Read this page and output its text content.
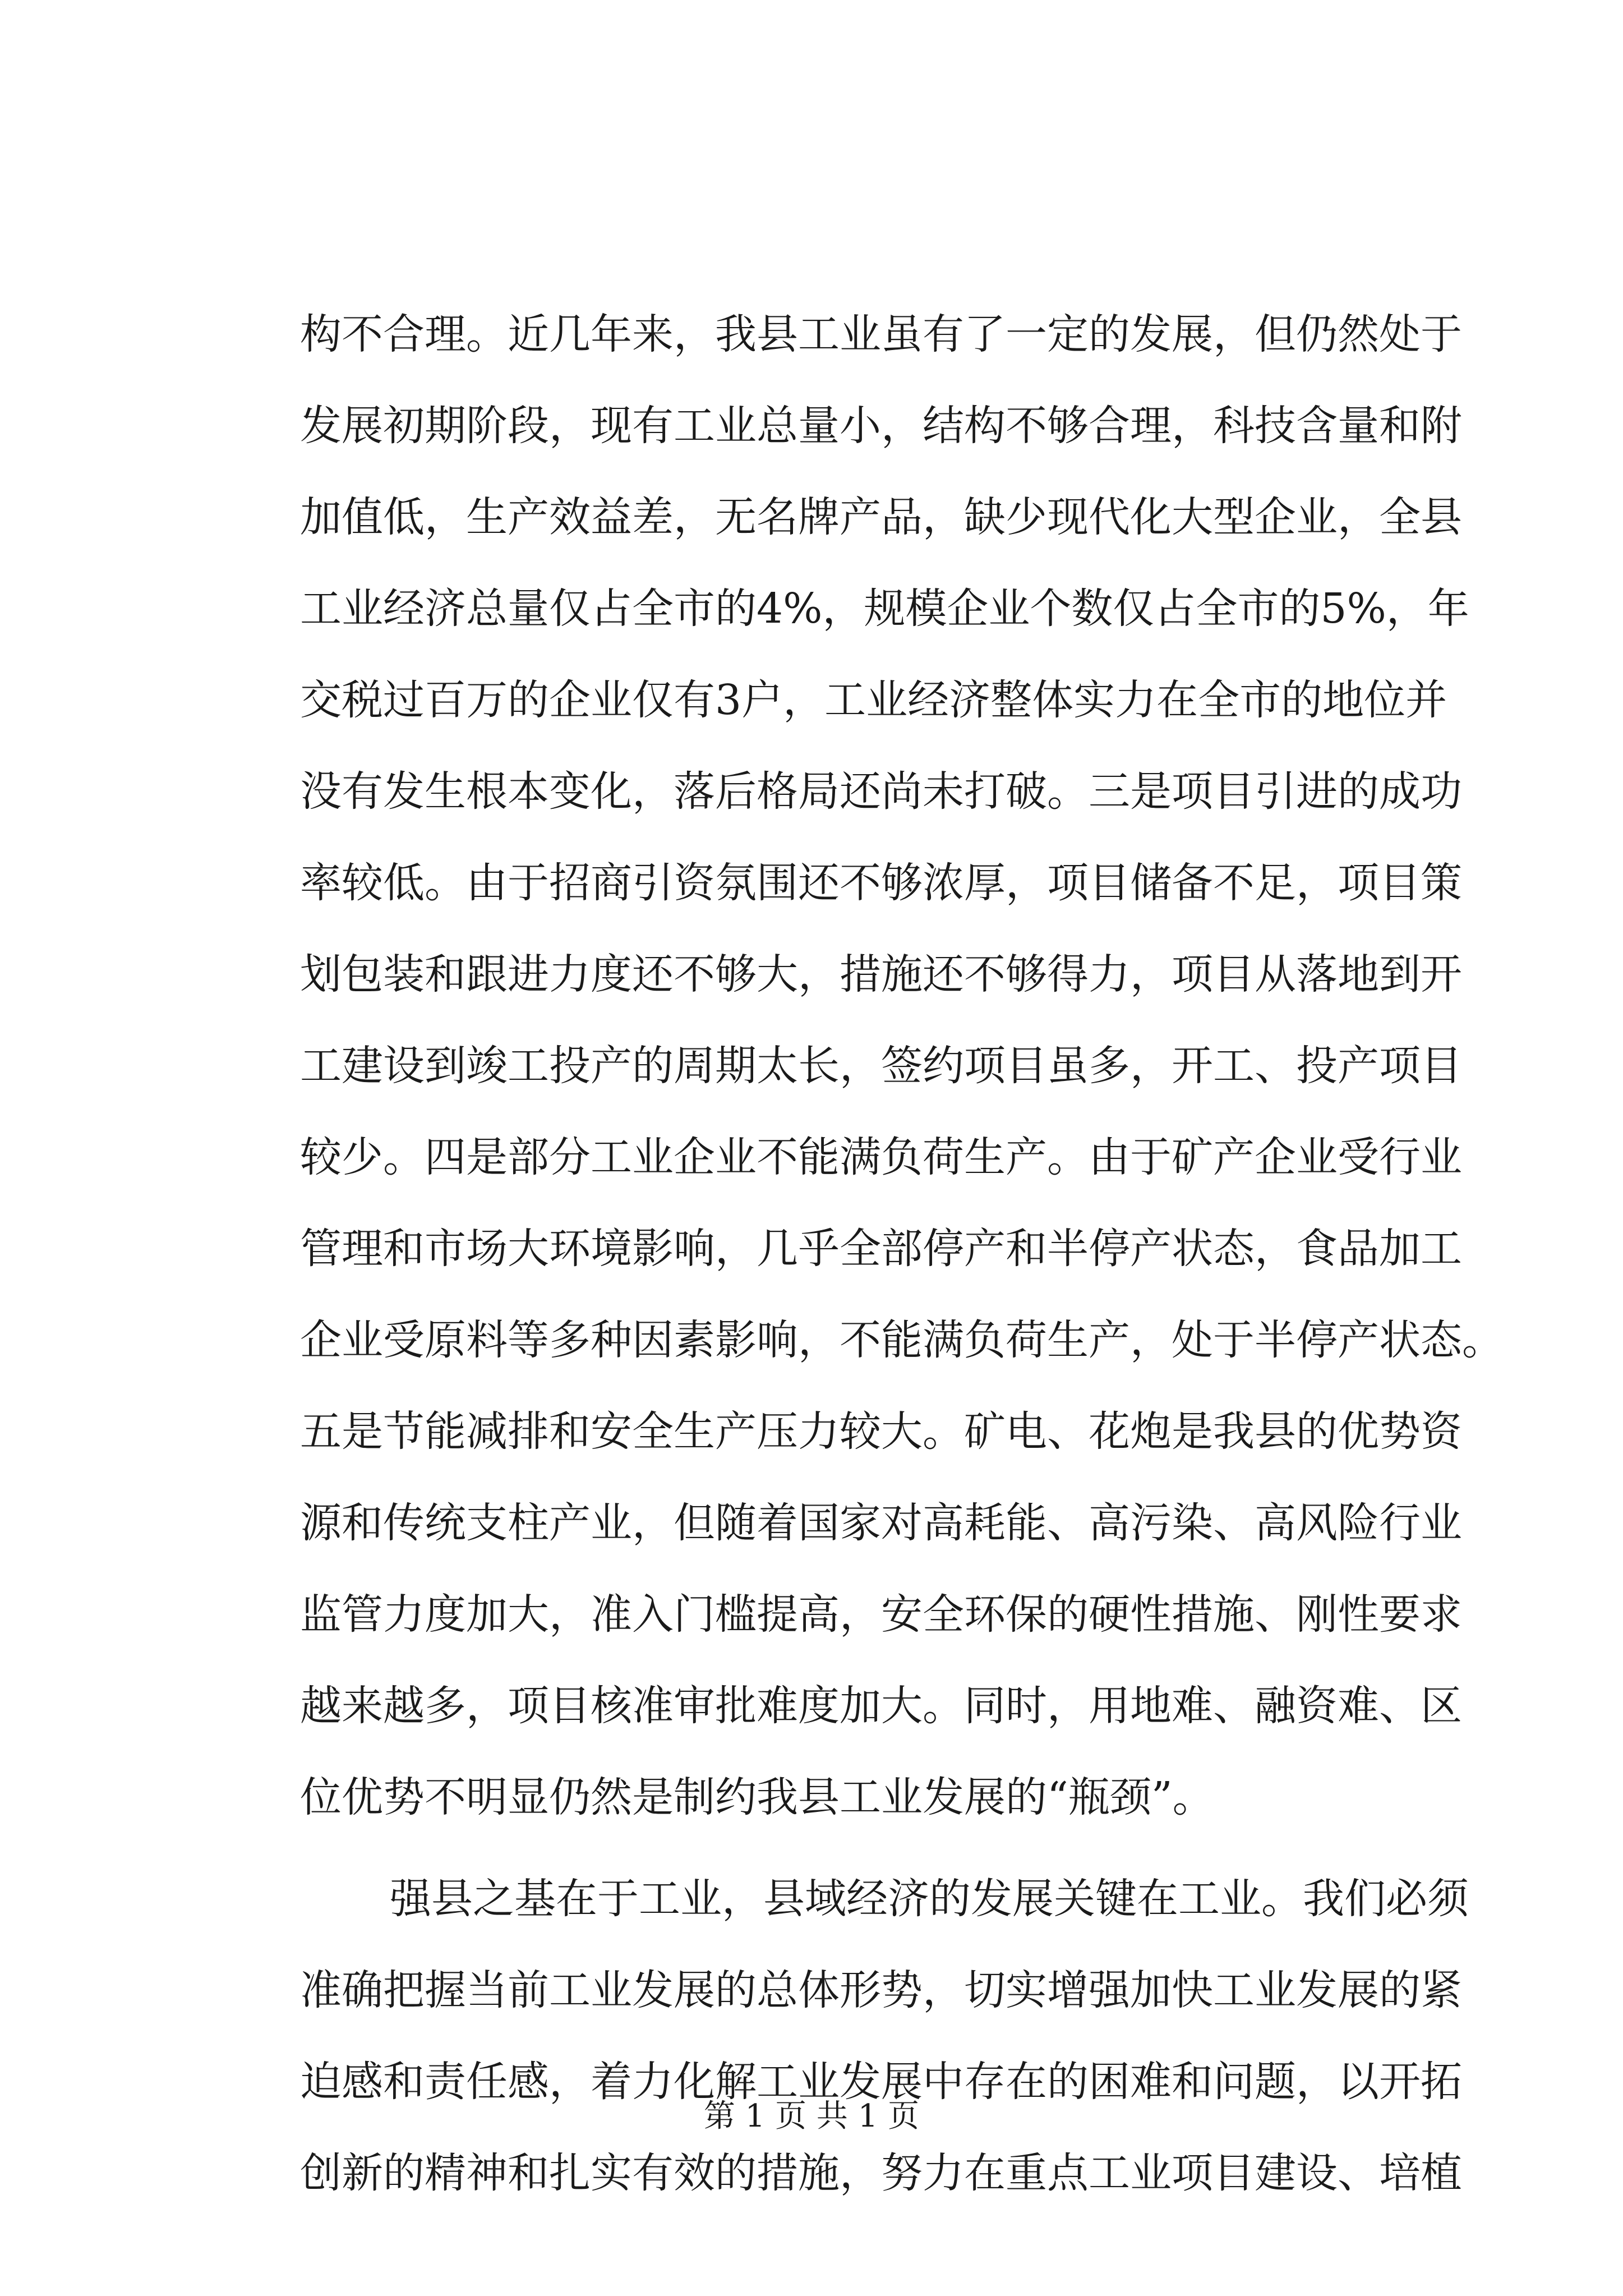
构不合理。近几年来，我县工业虽有了一定的发展，但仍然处于
发展初期阶段，现有工业总量小，结构不够合理，科技含量和附
加值低，生产效益差，无名牌产品，缺少现代化大型企业，全县
工业经济总量仅占全市的4%，规模企业个数仅占全市的5%，年
交税过百万的企业仅有3户，工业经济整体实力在全市的地位并
没有发生根本变化，落后格局还尚未打破。三是项目引进的成功
率较低。由于招商引资氛围还不够浓厚，项目储备不足，项目策
划包装和跟进力度还不够大，措施还不够得力，项目从落地到开
工建设到竣工投产的周期太长，签约项目虽多，开工、投产项目
较少。四是部分工业企业不能满负荷生产。由于矿产企业受行业
管理和市场大环境影响，几乎全部停产和半停产状态，食品加工
企业受原料等多种因素影响，不能满负荷生产，处于半停产状态。
五是节能减排和安全生产压力较大。矿电、花炮是我县的优势资
源和传统支柱产业，但随着国家对高耗能、高污染、高风险行业
监管力度加大，准入门槛提高，安全环保的硬性措施、刚性要求
越来越多，项目核准审批难度加大。同时，用地难、融资难、区
位优势不明显仍然是制约我县工业发展的“瓶颈”。
强县之基在于工业，县域经济的发展关键在工业。我们必须
准确把握当前工业发展的总体形势，切实增强加快工业发展的紧
迫感和责任感，着力化解工业发展中存在的困难和问题，以开拓
创新的精神和扎实有效的措施，努力在重点工业项目建设、培植
第 1 页 共 1 页
